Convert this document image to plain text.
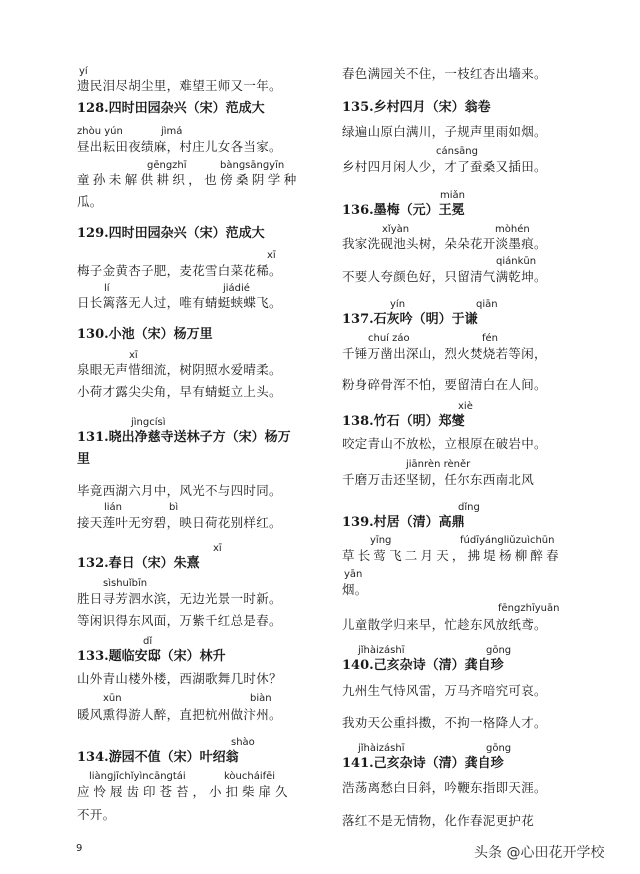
yí
遗民泪尽胡尘里，难望王师又一年。
128.四时田园杂兴（宋）范成大
zhòu yún	jìmá
昼出耘田夜绩麻，村庄儿女各当家。
gēngzhī	bànɡsānɡyīn
童孙未解供耕织，也傍桑阴学种
瓜。
129.四时田园杂兴（宋）范成大
xī
梅子金黄杏子肥，麦花雪白菜花稀。
lí	jiádié
日长篱落无人过，唯有蜻蜓蛱蝶飞。
130.小池（宋）杨万里
xī
泉眼无声惜细流，树阴照水爱晴柔。
小荷才露尖尖角，早有蜻蜓立上头。
jìngcísì
131.晓出净慈寺送林子方（宋）杨万
里
毕竟西湖六月中，风光不与四时同。
lián	bì
接天莲叶无穷碧，映日荷花别样红。
xī
132.春日（宋）朱熹
sìshuǐbīn
胜日寻芳泗水滨，无边光景一时新。
等闲识得东风面，万紫千红总是春。
dǐ
133.题临安邸（宋）林升
山外青山楼外楼，西湖歌舞几时休？
xūn	biàn
暖风熏得游人醉，直把杭州做汴州。
shào
134.游园不值（宋）叶绍翁
liànɡjīchǐyìncānɡtái	kòucháifēi
应怜屐齿印苍苔，小扣柴扉久
不开。
春色满园关不住，一枝红杏出墙来。
135.乡村四月（宋）翁卷
绿遍山原白满川，子规声里雨如烟。
cánsāng
乡村四月闲人少，才了蚕桑又插田。
miǎn
136.墨梅（元）王冕
xǐyàn	mòhén
我家洗砚池头树，朵朵花开淡墨痕。
qiánkūn
不要人夸颜色好，只留清气满乾坤。
yín	qiān
137.石灰吟（明）于谦
chuí záo	fén
千锤万凿出深山，烈火焚烧若等闲，
粉身碎骨浑不怕，要留清白在人间。
xiè
138.竹石（明）郑燮
咬定青山不放松，立根原在破岩中。
jiānrèn rèněr
千磨万击还坚韧，任尔东西南北风
dǐng
139.村居（清）高鼎
yīng	fúdīyángliǔzuìchūn
草长莺飞二月天，拂堤杨柳醉春
yān
烟。
fēngzhīyuān
儿童散学归来早，忙趁东风放纸鸢。
jǐhàizáshī	gōng
140.己亥杂诗（清）龚自珍
九州生气恃风雷，万马齐喑究可哀。
我劝天公重抖擞，不拘一格降人才。
jǐhàizáshī	gōng
141.己亥杂诗（清）龚自珍
浩荡离愁白日斜，吟鞭东指即天涯。
落红不是无情物，化作春泥更护花
9	头条 @心田花开学校
